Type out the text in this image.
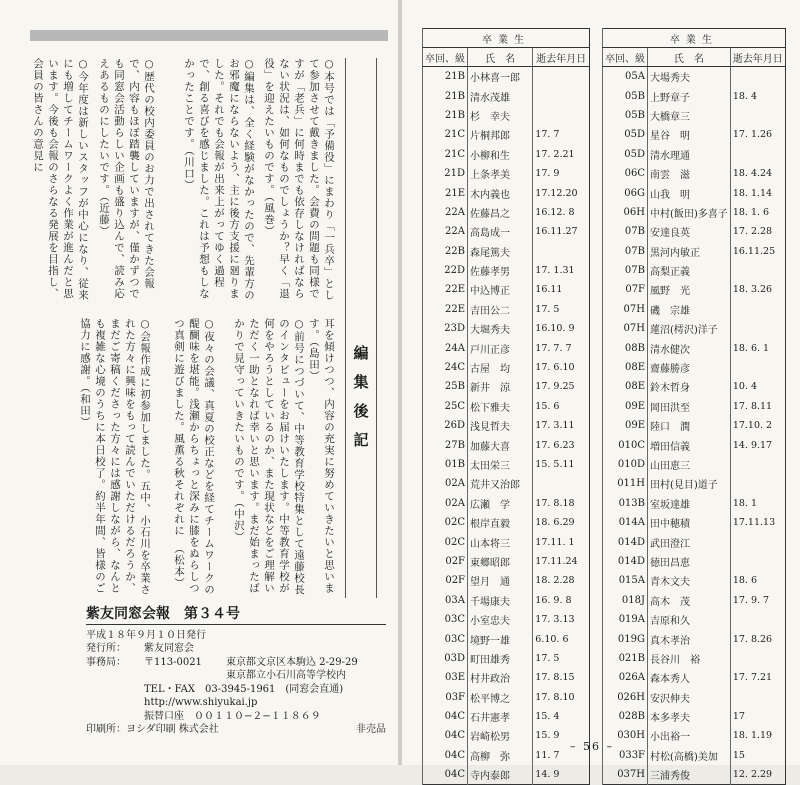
編集後記
○本号では「予備役」にまわり「一兵卒」として参加させて戴きました。会費の問題も同様ですが「老兵」に何時までも依存しなければならない状況は、如何なものでしょうか？早く「退役」を迎えたいものです。（風巻）
○編集は、全く経験がなかったので、先輩方のお邪魔にならないよう、主に後方支援に廻りました。それでも会報が出来上がってゆく過程で、創る喜びを感じました。これは予想もしなかったことです。（川口）
○歴代の校内委員のお力で出されてきた会報で、内容もほぼ踏襲していますが、僅かずつでも同窓会活動らしい企画も盛り込んで、読み応えあるものにしたいです。（近藤）
○今年度は新しいスタッフが中心になり、従来にも増してチームワークよく作業が進んだと思います。今後も会報のさらなる発展を目指し、会員の皆さんの意見に
耳を傾けつつ、内容の充実に努めていきたいと思います。（島田）
○前号につづいて、中等教育学校特集として遠藤校長のインタビューをお届けいたします。中等教育学校が何をやろうとしているのか、また現状などをご理解いただく一助となれば幸いと思います。まだ始まったばかりで見守っていきたいものです。（中沢）
○夜々の会議、真夏の校正などを経てチームワークの醍醐味を堪能。浅瀬からちょっと深みに膝をぬらしつつ真剣に遊びました。風薫る秋それぞれに　（松本）
○会報作成に初参加しました。五中、小石川を卒業された方々に興味をもって読んでいただけるだろうか、まだご寄稿くださった方々には感謝しながら、なんとも複雑な心境のうちに本日校了。約半年間、皆様のご協力に感謝。（和田）
紫友同窓会報　第３４号
平成１８年９月１０日発行
発行所：	紫友同窓会
事務局：	〒113-0021	東京都文京区本駒込 2-29-29
東京都立小石川高等学校内
TEL・FAX　03-3945-1961　(同窓会直通)
http://www.shiyukai.jp
振替口座　００１１０−２−１１８６９
印刷所：ヨシダ印刷 株式会社	非売品
卒業生		
卒回、級	氏　名	逝去年月日
21B	小林喜一郎	
21B	清水茂雄	
21B	杉　幸夫	
21C	片桐邦郎	17. 7
21C	小柳和生	17. 2.21
21D	上条孝美	17. 9
21E	木内義也	17.12.20
22A	佐藤昌之	16.12. 8
22A	高島成一	16.11.27
22B	森尾篤夫	
22D	佐藤孝男	17. 1.31
22E	中込博正	16.11
22E	吉田公二	17. 5
23D	大堀秀夫	16.10. 9
24A	戸川正彦	17. 7. 7
24C	古屋　均	17. 6.10
25B	新井　涼	17. 9.25
25C	松下雅夫	15. 6
26D	浅見哲夫	17. 3.11
27B	加藤大喜	17. 6.23
01B	太田栄三	15. 5.11
02A	荒井又治郎	
02A	広瀬　学	17. 8.18
02C	根岸直毅	18. 6.29
02C	山本将三	17.11. 1
02F	東郷昭郎	17.11.24
02F	望月　通	18. 2.28
03A	千場康夫	16. 9. 8
03C	小室忠夫	17. 3.13
03C	境野一雄	6.10. 6
03D	町田雄秀	17. 5
03E	村井政治	17. 8.15
03F	松平博之	17. 8.10
04C	石井憲孝	15. 4
04C	岩崎松男	15. 9
04C	高柳　弥	11. 7
04C	寺内泰郎	14. 9
卒業生		
卒回、級	氏　名	逝去年月日
05A	大場秀夫	
05B	上野章子	18. 4
05B	大橋章三	
05D	星谷　明	17. 1.26
05D	清水理通	
06C	南雲　滋	18. 4.24
06G	山我　明	18. 1.14
06H	中村(飯田)多喜子	18. 1. 6
07B	安達良英	17. 2.28
07B	黒河内敏正	16.11.25
07B	高梨正義	
07F	風野　光	18. 3.26
07H	磯　宗雄	
07H	蓮沼(樗沢)洋子	
08B	清水健次	18. 6. 1
08E	齋藤勝彦	
08E	鈴木哲身	10. 4
09E	岡田洪至	17. 8.11
09E	陸口　潤	17.10. 2
010C	増田信義	14. 9.17
010D	山田恵三	
011H	田村(見目)道子	
013B	室坂達雄	18. 1
014A	田中穂積	17.11.13
014D	武田澄江	
014D	徳田昌恵	
015A	青木文夫	18. 6
018J	高木　茂	17. 9. 7
019A	吉原和久	
019G	真木孝治	17. 8.26
021B	長谷川　裕	
026A	森本秀人	17. 7.21
026H	安沢伸夫	
028B	本多孝夫	17
030H	小出裕一	18. 1.19
033F	村松(高橋)美加	15
037H	三浦秀俊	12. 2.29
– 56 –
